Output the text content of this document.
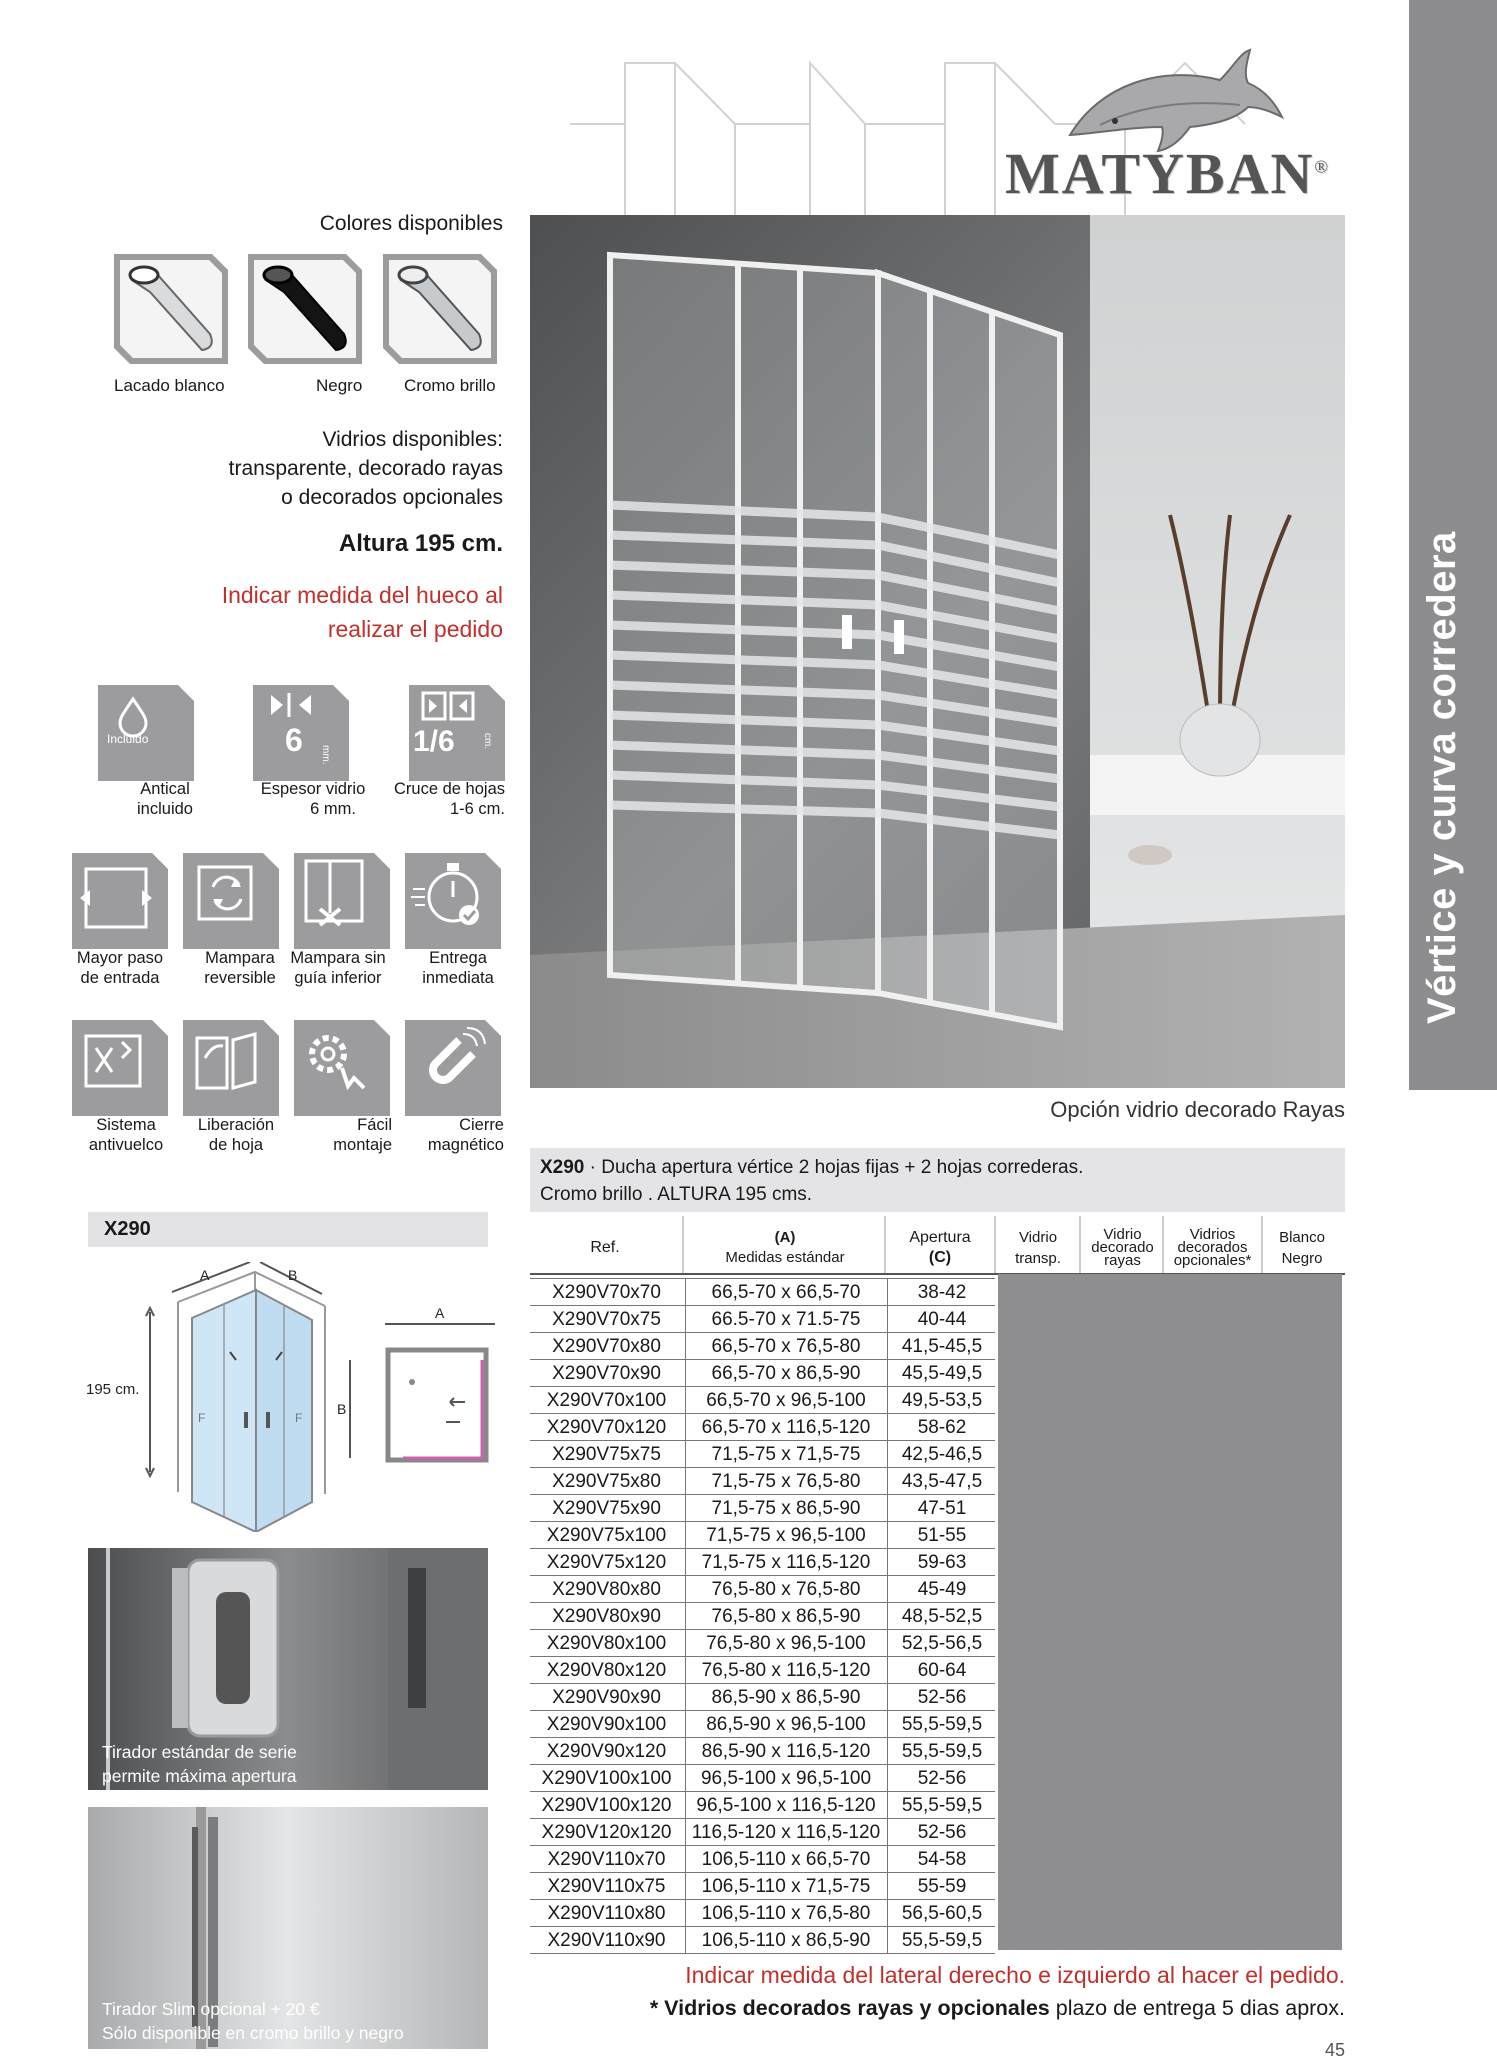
Vértice y curva corredera
MATYBAN®
Colores disponibles
Lacado blanco	Negro Cromo brillo
Vidrios disponibles:
transparente, decorado rayas
o decorados opcionales
Altura 195 cm.
Indicar medida del hueco al
realizar el pedido
Incluido	6 mm.	1/6	cm.
Antical
incluido
Espesor vidrio
6 mm.
Cruce de hojas
1-6 cm.
Mayor paso
de entrada
Mampara
reversible
Mampara sin
guía inferior
Entrega
inmediata
Sistema
antivuelco
Liberación
de hoja
Fácil
montaje
Cierre
magnético
X290
F	F
A	B
195 cm.
A
B
Tirador estándar de serie
permite máxima apertura
Tirador Slim opcional + 20 €
Sólo disponible en cromo brillo y negro
Opción vidrio decorado Rayas
X290 · Ducha apertura vértice 2 hojas fijas + 2 hojas correderas.
Cromo brillo . ALTURA 195 cms.
Ref.
(A)
Medidas estándar
Apertura
(C)
Vidrio
transp.
Vidrio
decorado
rayas
Vidrios
decorados
opcionales*
Blanco
Negro
X290V70x70	66,5-70 x 66,5-70	38-42
X290V70x75	66.5-70 x 71.5-75	40-44
X290V70x80	66,5-70 x 76,5-80	41,5-45,5
X290V70x90	66,5-70 x 86,5-90	45,5-49,5
X290V70x100	66,5-70 x 96,5-100	49,5-53,5
X290V70x120	66,5-70 x 116,5-120	58-62
X290V75x75	71,5-75 x 71,5-75	42,5-46,5
X290V75x80	71,5-75 x 76,5-80	43,5-47,5
X290V75x90	71,5-75 x 86,5-90	47-51
X290V75x100	71,5-75 x 96,5-100	51-55
X290V75x120	71,5-75 x 116,5-120	59-63
X290V80x80	76,5-80 x 76,5-80	45-49
X290V80x90	76,5-80 x 86,5-90	48,5-52,5
X290V80x100	76,5-80 x 96,5-100	52,5-56,5
X290V80x120	76,5-80 x 116,5-120	60-64
X290V90x90	86,5-90 x 86,5-90	52-56
X290V90x100	86,5-90 x 96,5-100	55,5-59,5
X290V90x120	86,5-90 x 116,5-120	55,5-59,5
X290V100x100	96,5-100 x 96,5-100	52-56
X290V100x120	96,5-100 x 116,5-120	55,5-59,5
X290V120x120	116,5-120 x 116,5-120	52-56
X290V110x70	106,5-110 x 66,5-70	54-58
X290V110x75	106,5-110 x 71,5-75	55-59
X290V110x80	106,5-110 x 76,5-80	56,5-60,5
X290V110x90	106,5-110 x 86,5-90	55,5-59,5
Indicar medida del lateral derecho e izquierdo al hacer el pedido.
* Vidrios decorados rayas y opcionales plazo de entrega 5 dias aprox.
45
